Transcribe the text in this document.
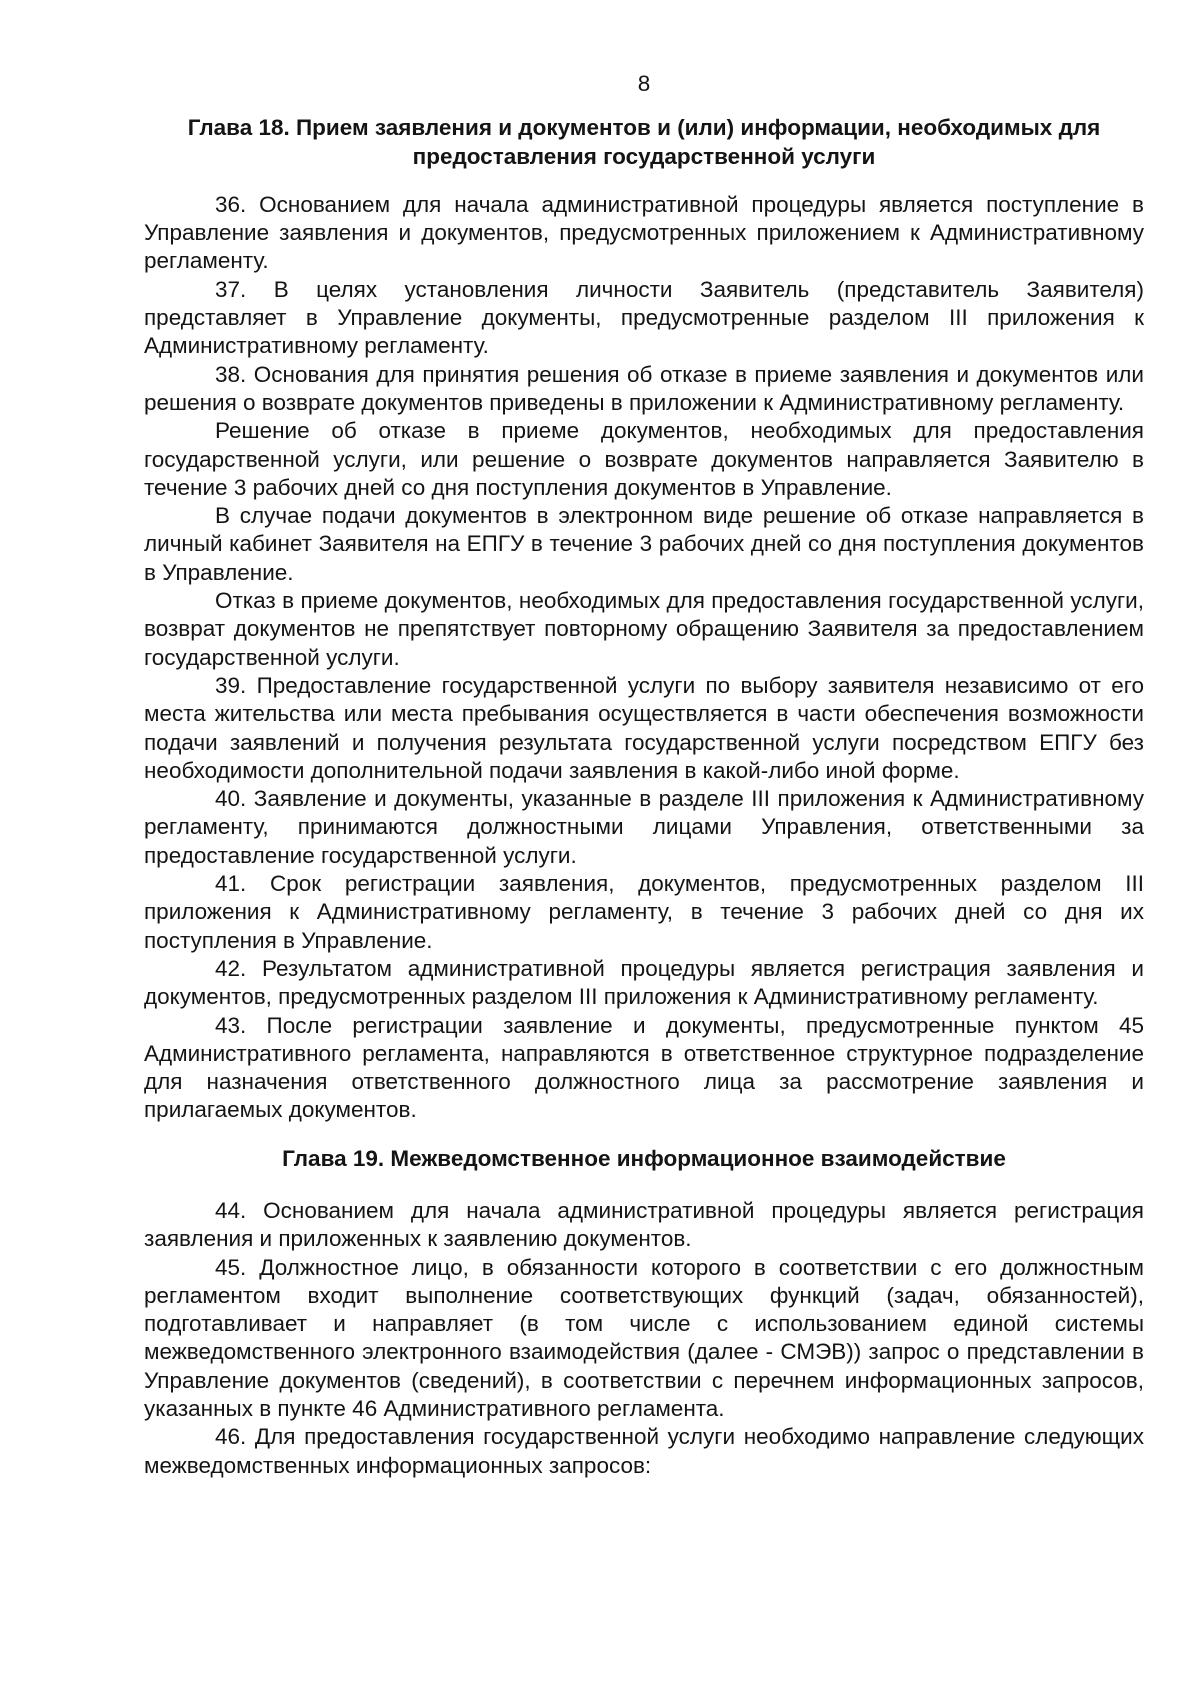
8
Глава 18. Прием заявления и документов и (или) информации, необходимых для предоставления государственной услуги

36. Основанием для начала административной процедуры является поступление в Управление заявления и документов, предусмотренных приложением к Административному регламенту.

37. В целях установления личности Заявитель (представитель Заявителя) представляет в Управление документы, предусмотренные разделом III приложения к Административному регламенту.

38. Основания для принятия решения об отказе в приеме заявления и документов или решения о возврате документов приведены в приложении к Административному регламенту.

Решение об отказе в приеме документов, необходимых для предоставления государственной услуги, или решение о возврате документов направляется Заявителю в течение 3 рабочих дней со дня поступления документов в Управление.

В случае подачи документов в электронном виде решение об отказе направляется в личный кабинет Заявителя на ЕПГУ в течение 3 рабочих дней со дня поступления документов в Управление.

Отказ в приеме документов, необходимых для предоставления государственной услуги, возврат документов не препятствует повторному обращению Заявителя за предоставлением государственной услуги.

39. Предоставление государственной услуги по выбору заявителя независимо от его места жительства или места пребывания осуществляется в части обеспечения возможности подачи заявлений и получения результата государственной услуги посредством ЕПГУ без необходимости дополнительной подачи заявления в какой-либо иной форме.

40. Заявление и документы, указанные в разделе III приложения к Административному регламенту, принимаются должностными лицами Управления, ответственными за предоставление государственной услуги.

41. Срок регистрации заявления, документов, предусмотренных разделом III приложения к Административному регламенту, в течение 3 рабочих дней со дня их поступления в Управление.

42. Результатом административной процедуры является регистрация заявления и документов, предусмотренных разделом III приложения к Административному регламенту.

43. После регистрации заявление и документы, предусмотренные пунктом 45 Административного регламента, направляются в ответственное структурное подразделение для назначения ответственного должностного лица за рассмотрение заявления и прилагаемых документов.

Глава 19. Межведомственное информационное взаимодействие

44. Основанием для начала административной процедуры является регистрация заявления и приложенных к заявлению документов.

45. Должностное лицо, в обязанности которого в соответствии с его должностным регламентом входит выполнение соответствующих функций (задач, обязанностей), подготавливает и направляет (в том числе с использованием единой системы межведомственного электронного взаимодействия (далее - СМЭВ)) запрос о представлении в Управление документов (сведений), в соответствии с перечнем информационных запросов, указанных в пункте 46 Административного регламента.

46. Для предоставления государственной услуги необходимо направление следующих межведомственных информационных запросов:
